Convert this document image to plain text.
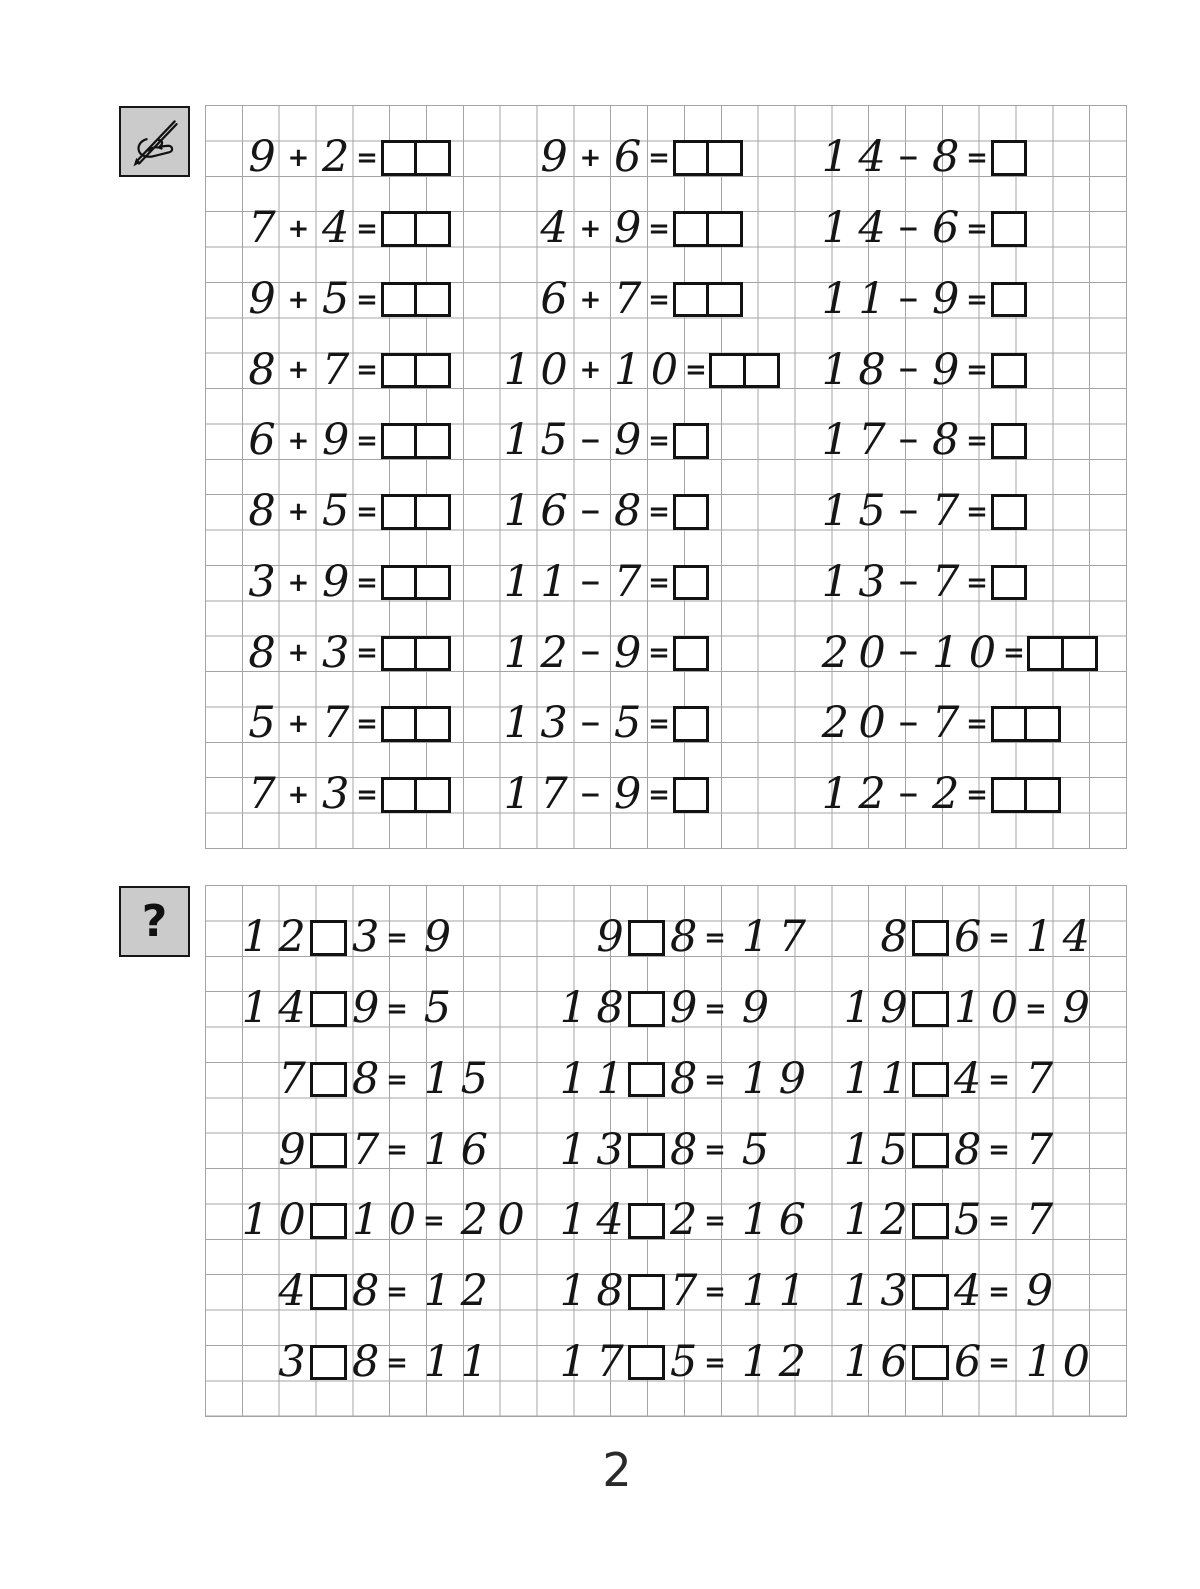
9 + 2 =
7 + 4 =
9 + 5 =
8 + 7 =
6 + 9 =
8 + 5 =
3 + 9 =
8 + 3 =
5 + 7 =
7 + 3 =
9 + 6 =
4 + 9 =
6 + 7 =
1 0 + 1 0 =
1 5 − 9 =
1 6 − 8 =
1 1 − 7 =
1 2 − 9 =
1 3 − 5 =
1 7 − 9 =
1 4 − 8 =
1 4 − 6 =
1 1 − 9 =
1 8 − 9 =
1 7 − 8 =
1 5 − 7 =
1 3 − 7 =
2 0 − 1 0 =
2 0 − 7 =
1 2 − 2 =
? 1 2 3 = 9
1 4 9 = 5
7 8 = 1 5
9 7 = 1 6
1 0 1 0 = 2 0
4 8 = 1 2
3 8 = 1 1
9 8 = 1 7
1 8 9 = 9
1 1 8 = 1 9
1 3 8 = 5
1 4 2 = 1 6
1 8 7 = 1 1
1 7 5 = 1 2
8 6 = 1 4
1 9 1 0 = 9
1 1 4 = 7
1 5 8 = 7
1 2 5 = 7
1 3 4 = 9
1 6 6 = 1 0
2
